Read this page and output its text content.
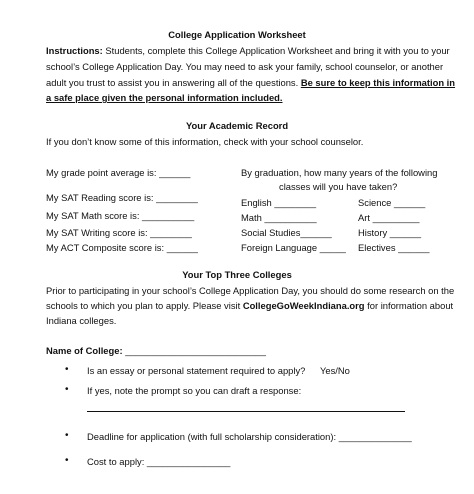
College Application Worksheet
Instructions: Students, complete this College Application Worksheet and bring it with you to your
school’s College Application Day. You may need to ask your family, school counselor, or another
adult you trust to assist you in answering all of the questions. Be sure to keep this information in
a safe place given the personal information included.
Your Academic Record
If you don’t know some of this information, check with your school counselor.
My grade point average is: ______
My SAT Reading score is: ________
My SAT Math score is: __________
My SAT Writing score is: ________
My ACT Composite score is: ______
By graduation, how many years of the following
classes will you have taken?
English ________
Math __________
Social Studies______
Foreign Language _____
Science ______
Art _________
History ______
Electives ______
Your Top Three Colleges
Prior to participating in your school’s College Application Day, you should do some research on the
schools to which you plan to apply. Please visit CollegeGoWeekIndiana.org for information about
Indiana colleges.
Name of College: ___________________________
• Is an essay or personal statement required to apply? Yes/No
• If yes, note the prompt so you can draft a response:
• Deadline for application (with full scholarship consideration): ______________
• Cost to apply: ________________
